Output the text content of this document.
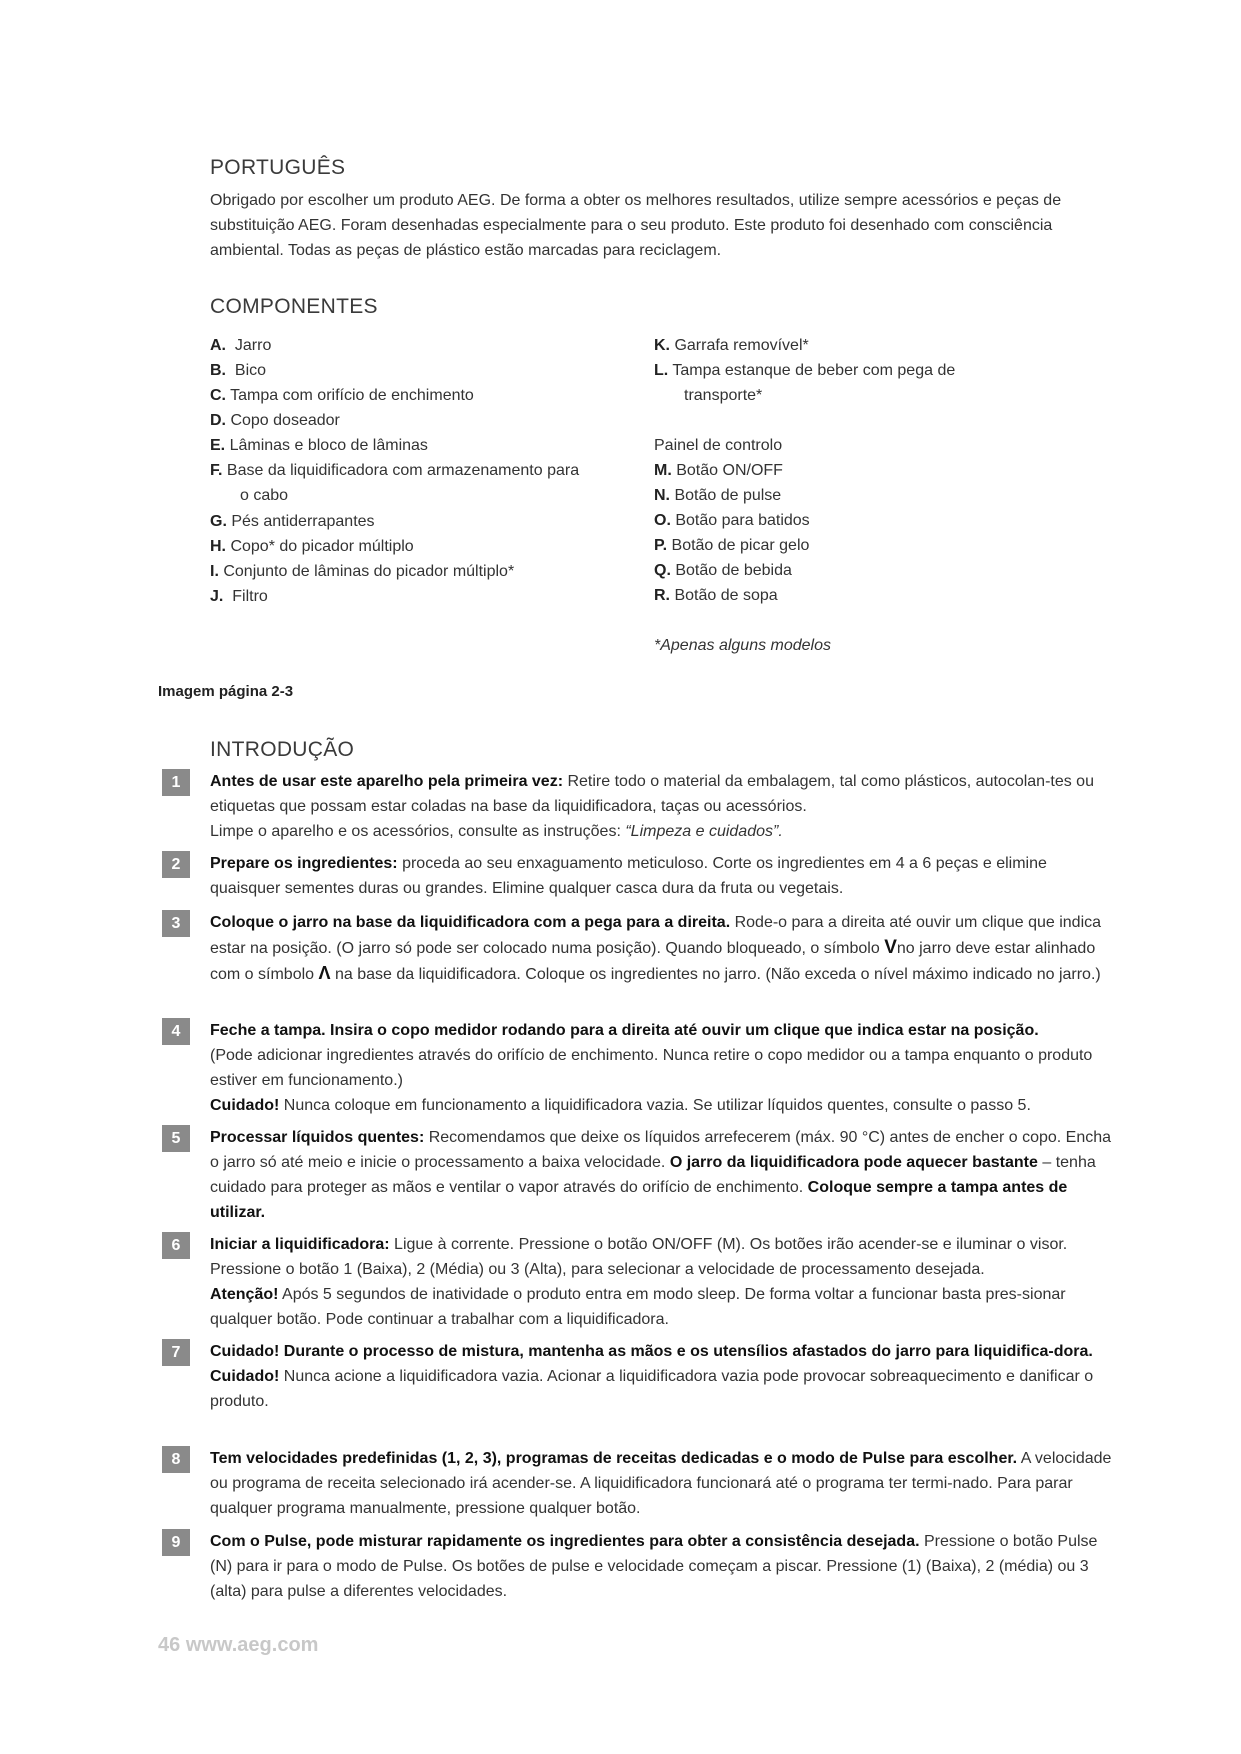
PORTUGUÊS
Obrigado por escolher um produto AEG. De forma a obter os melhores resultados, utilize sempre acessórios e peças de substituição AEG. Foram desenhadas especialmente para o seu produto. Este produto foi desenhado com consciência ambiental. Todas as peças de plástico estão marcadas para reciclagem.
COMPONENTES
A. Jarro
B. Bico
C. Tampa com orifício de enchimento
D. Copo doseador
E. Lâminas e bloco de lâminas
F. Base da liquidificadora com armazenamento para
o cabo
G. Pés antiderrapantes
H. Copo* do picador múltiplo
I. Conjunto de lâminas do picador múltiplo*
J. Filtro
K. Garrafa removível*
L. Tampa estanque de beber com pega de
transporte*
Painel de controlo
M. Botão ON/OFF
N. Botão de pulse
O. Botão para batidos
P. Botão de picar gelo
Q. Botão de bebida
R. Botão de sopa
*Apenas alguns modelos
Imagem página 2-3
INTRODUÇÃO
1	Antes de usar este aparelho pela primeira vez: Retire todo o material da embalagem, tal como plásticos, autocolan-tes ou etiquetas que possam estar coladas na base da liquidificadora, taças ou acessórios.
Limpe o aparelho e os acessórios, consulte as instruções: “Limpeza e cuidados”.
2	Prepare os ingredientes: proceda ao seu enxaguamento meticuloso. Corte os ingredientes em 4 a 6 peças e elimine quaisquer sementes duras ou grandes. Elimine qualquer casca dura da fruta ou vegetais.
3	Coloque o jarro na base da liquidificadora com a pega para a direita. Rode-o para a direita até ouvir um clique que indica estar na posição. (O jarro só pode ser colocado numa posição). Quando bloqueado, o símbolo Vno jarro deve estar alinhado com o símbolo Λ na base da liquidificadora. Coloque os ingredientes no jarro. (Não exceda o nível máximo indicado no jarro.)
4	Feche a tampa. Insira o copo medidor rodando para a direita até ouvir um clique que indica estar na posição.
(Pode adicionar ingredientes através do orifício de enchimento. Nunca retire o copo medidor ou a tampa enquanto o produto estiver em funcionamento.)
Cuidado! Nunca coloque em funcionamento a liquidificadora vazia. Se utilizar líquidos quentes, consulte o passo 5.
5	Processar líquidos quentes: Recomendamos que deixe os líquidos arrefecerem (máx. 90 °C) antes de encher o copo. Encha o jarro só até meio e inicie o processamento a baixa velocidade. O jarro da liquidificadora pode aquecer bastante – tenha cuidado para proteger as mãos e ventilar o vapor através do orifício de enchimento. Coloque sempre a tampa antes de utilizar.
6	Iniciar a liquidificadora: Ligue à corrente. Pressione o botão ON/OFF (M). Os botões irão acender-se e iluminar o visor. Pressione o botão 1 (Baixa), 2 (Média) ou 3 (Alta), para selecionar a velocidade de processamento desejada.
Atenção! Após 5 segundos de inatividade o produto entra em modo sleep. De forma voltar a funcionar basta pres-sionar qualquer botão. Pode continuar a trabalhar com a liquidificadora.
7	Cuidado! Durante o processo de mistura, mantenha as mãos e os utensílios afastados do jarro para liquidifica-dora.
Cuidado! Nunca acione a liquidificadora vazia. Acionar a liquidificadora vazia pode provocar sobreaquecimento e danificar o produto.
8	Tem velocidades predefinidas (1, 2, 3), programas de receitas dedicadas e o modo de Pulse para escolher. A velocidade ou programa de receita selecionado irá acender-se. A liquidificadora funcionará até o programa ter termi-nado. Para parar qualquer programa manualmente, pressione qualquer botão.
9	Com o Pulse, pode misturar rapidamente os ingredientes para obter a consistência desejada. Pressione o botão Pulse (N) para ir para o modo de Pulse. Os botões de pulse e velocidade começam a piscar. Pressione (1) (Baixa), 2 (média) ou 3 (alta) para pulse a diferentes velocidades.
46 www.aeg.com
